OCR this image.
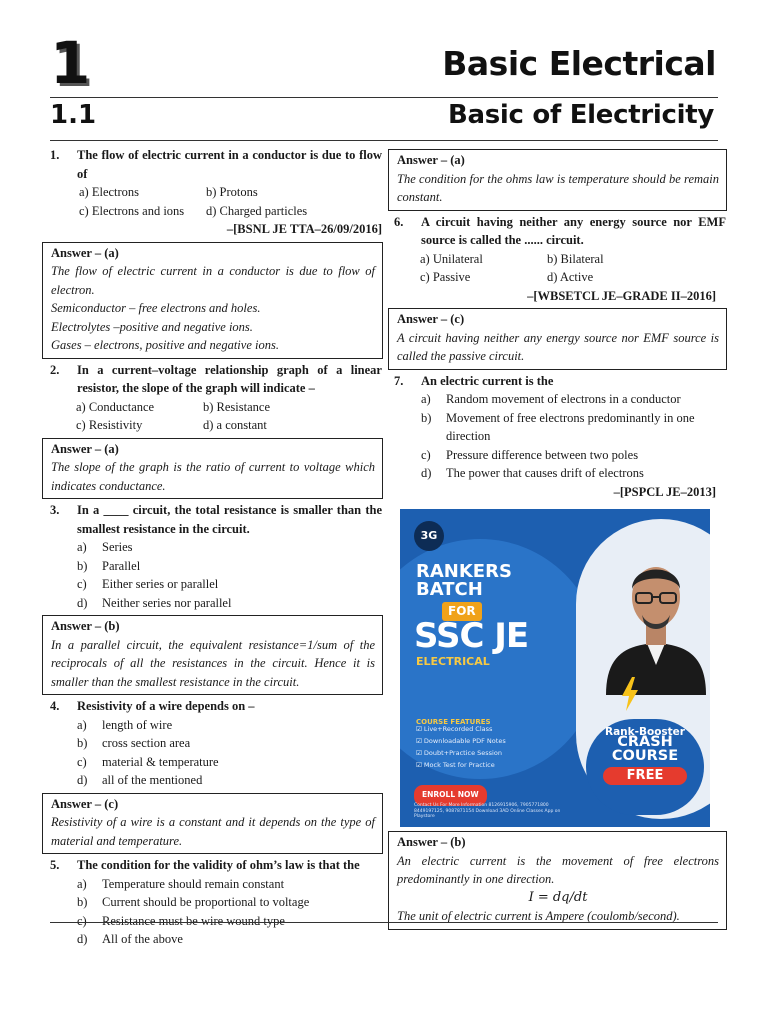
1	Basic Electrical
1.1	Basic of Electricity
1.	The flow of electric current in a conductor is due to flow of
a) Electrons	b) Protons
c) Electrons and ions	d) Charged particles
–[BSNL JE TTA–26/09/2016]
Answer – (a)

The flow of electric current in a conductor is due to flow of electron.

Semiconductor – free electrons and holes.

Electrolytes –positive and negative ions.

Gases – electrons, positive and negative ions.

2.	In a current–voltage relationship graph of a linear resistor, the slope of the graph will indicate –
a) Conductance	b) Resistance
c) Resistivity	d) a constant
Answer – (a)

The slope of the graph is the ratio of current to voltage which indicates conductance.

3.	In a ____ circuit, the total resistance is smaller than the smallest resistance in the circuit.
a)	Series
b)	Parallel
c)	Either series or parallel
d)	Neither series nor parallel
Answer – (b)

In a parallel circuit, the equivalent resistance=1/sum of the reciprocals of all the resistances in the circuit. Hence it is smaller than the smallest resistance in the circuit.

4.	Resistivity of a wire depends on –
a)	length of wire
b)	cross section area
c)	material & temperature
d)	all of the mentioned
Answer – (c)

Resistivity of a wire is a constant and it depends on the type of material and temperature.

5.	The condition for the validity of ohm’s law is that the
a)	Temperature should remain constant
b)	Current should be proportional to voltage
c)	Resistance must be wire wound type
d)	All of the above
Answer – (a)

The condition for the ohms law is temperature should be remain constant.

6.	A circuit having neither any energy source nor EMF source is called the ...... circuit.
a) Unilateral	b) Bilateral
c) Passive	d) Active
–[WBSETCL JE–GRADE II–2016]
Answer – (c)

A circuit having neither any energy source nor EMF source is called the passive circuit.

7.	An electric current is the
a)	Random movement of electrons in a conductor
b)	Movement of free electrons predominantly in one direction
c)	Pressure difference between two poles
d)	The power that causes drift of electrons
–[PSPCL JE–2013]
3G
RANKERS
BATCH
FOR
SSC JE
ELECTRICAL
COURSE FEATURES
☑ Live+Recorded Class
☑ Downloadable PDF Notes
☑ Doubt+Practice Session
☑ Mock Test for Practice
ENROLL NOW
Contact Us For More Information 8126915906, 7905771800 8449197125, 9087871154 Download 3AD Online Classes App on Playstore
Rank-Booster
CRASH
COURSE
FREE
Answer – (b)

An electric current is the movement of free electrons predominantly in one direction.

I = dq/dt

The unit of electric current is Ampere (coulomb/second).
